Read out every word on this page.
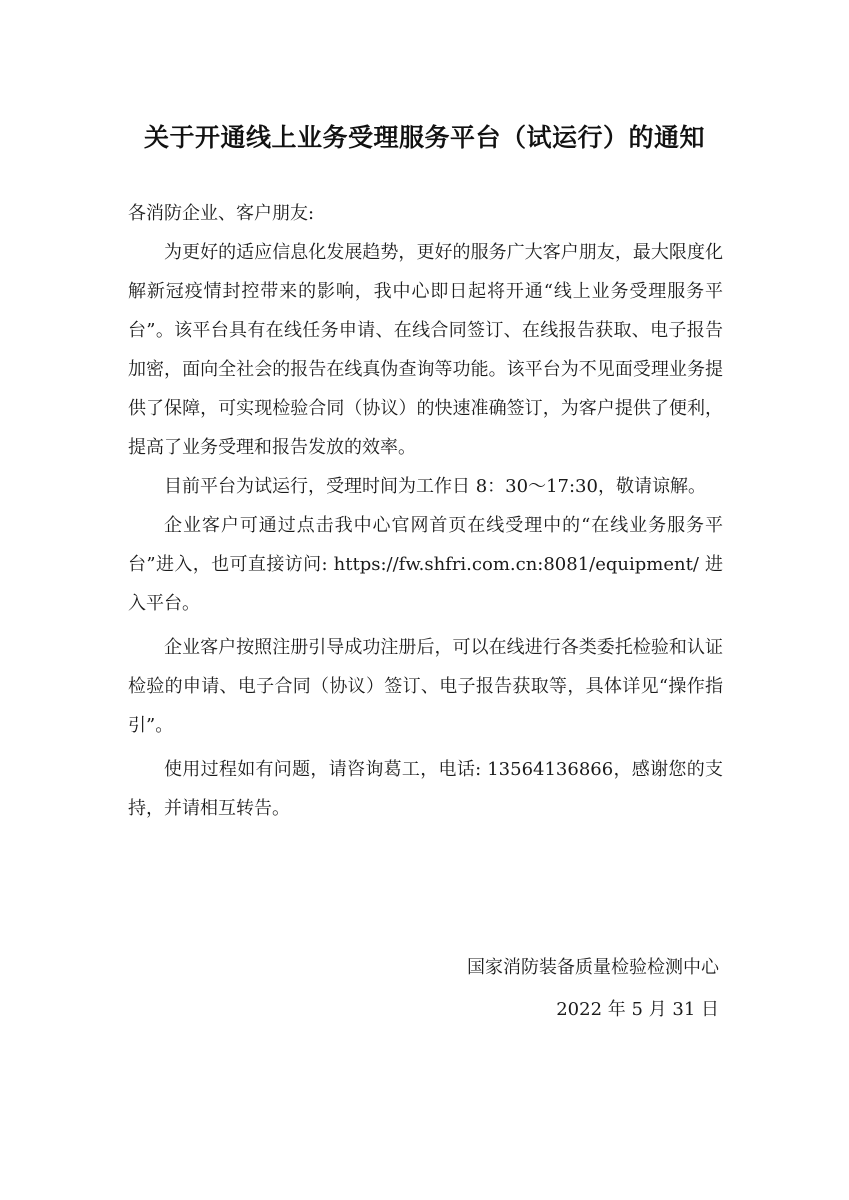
关于开通线上业务受理服务平台（试运行）的通知

各消防企业、客户朋友:

为更好的适应信息化发展趋势，更好的服务广大客户朋友，最大限度化解新冠疫情封控带来的影响，我中心即日起将开通“线上业务受理服务平台”。该平台具有在线任务申请、在线合同签订、在线报告获取、电子报告加密，面向全社会的报告在线真伪查询等功能。该平台为不见面受理业务提供了保障，可实现检验合同（协议）的快速准确签订，为客户提供了便利，提高了业务受理和报告发放的效率。

目前平台为试运行，受理时间为工作日 8：30～17:30，敬请谅解。

企业客户可通过点击我中心官网首页在线受理中的“在线业务服务平台”进入，也可直接访问: https://fw.shfri.com.cn:8081/equipment/ 进入平台。

企业客户按照注册引导成功注册后，可以在线进行各类委托检验和认证检验的申请、电子合同（协议）签订、电子报告获取等，具体详见“操作指引”。

使用过程如有问题，请咨询葛工，电话: 13564136866，感谢您的支持，并请相互转告。

国家消防装备质量检验检测中心
2022 年 5 月 31 日
